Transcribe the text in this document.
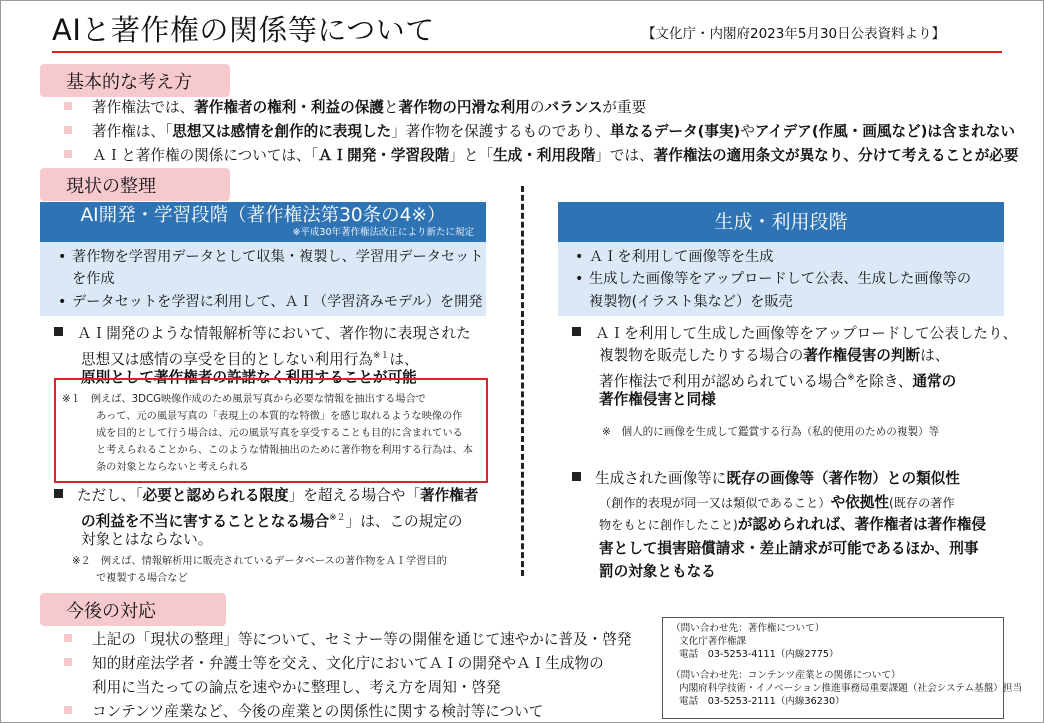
AIと著作権の関係等について	【文化庁・内閣府2023年5月30日公表資料より】
基本的な考え方
著作権法では、著作権者の権利・利益の保護と著作物の円滑な利用のバランスが重要
著作権は、「思想又は感情を創作的に表現した」著作物を保護するものであり、単なるデータ(事実)やアイデア(作風・画風など)は含まれない
ＡＩと著作権の関係については、「ＡＩ開発・学習段階」と「生成・利用段階」では、著作権法の適用条文が異なり、分けて考えることが必要
現状の整理
AI開発・学習段階（著作権法第30条の4※）
※平成30年著作権法改正により新たに規定
• 著作物を学習用データとして収集・複製し、学習用データセット
を作成
• データセットを学習に利用して、ＡＩ（学習済みモデル）を開発
ＡＩ開発のような情報解析等において、著作物に表現された
思想又は感情の享受を目的としない利用行為$^{※1}$は、
原則として著作権者の許諾なく利用することが可能
※１　例えば、3DCG映像作成のため風景写真から必要な情報を抽出する場合で
あって、元の風景写真の「表現上の本質的な特徴」を感じ取れるような映像の作
成を目的として行う場合は、元の風景写真を享受することも目的に含まれている
と考えられることから、このような情報抽出のために著作物を利用する行為は、本
条の対象とならないと考えられる
ただし、「必要と認められる限度」を超える場合や「著作権者
の利益を不当に害することとなる場合$^{※2}$」は、この規定の
対象とはならない。
※２　例えば、情報解析用に販売されているデータベースの著作物をＡＩ学習目的
で複製する場合など
生成・利用段階
• ＡＩを利用して画像等を生成
• 生成した画像等をアップロードして公表、生成した画像等の
複製物(イラスト集など）を販売
ＡＩを利用して生成した画像等をアップロードして公表したり、
複製物を販売したりする場合の著作権侵害の判断は、
著作権法で利用が認められている場合※を除き、通常の
著作権侵害と同様
※　個人的に画像を生成して鑑賞する行為（私的使用のための複製）等
生成された画像等に既存の画像等（著作物）との類似性
（創作的表現が同一又は類似であること）や依拠性(既存の著作
物をもとに創作したこと)が認められれば、著作権者は著作権侵
害として損害賠償請求・差止請求が可能であるほか、刑事
罰の対象ともなる
今後の対応
上記の「現状の整理」等について、セミナー等の開催を通じて速やかに普及・啓発
知的財産法学者・弁護士等を交え、文化庁においてＡＩの開発やＡＩ生成物の
利用に当たっての論点を速やかに整理し、考え方を周知・啓発
コンテンツ産業など、今後の産業との関係性に関する検討等について
（問い合わせ先：著作権について）
文化庁著作権課
電話　03-5253-4111（内線2775）
（問い合わせ先：コンテンツ産業との関係について）
内閣府科学技術・イノベーション推進事務局重要課題（社会システム基盤）担当
電話　03-5253-2111（内線36230）
